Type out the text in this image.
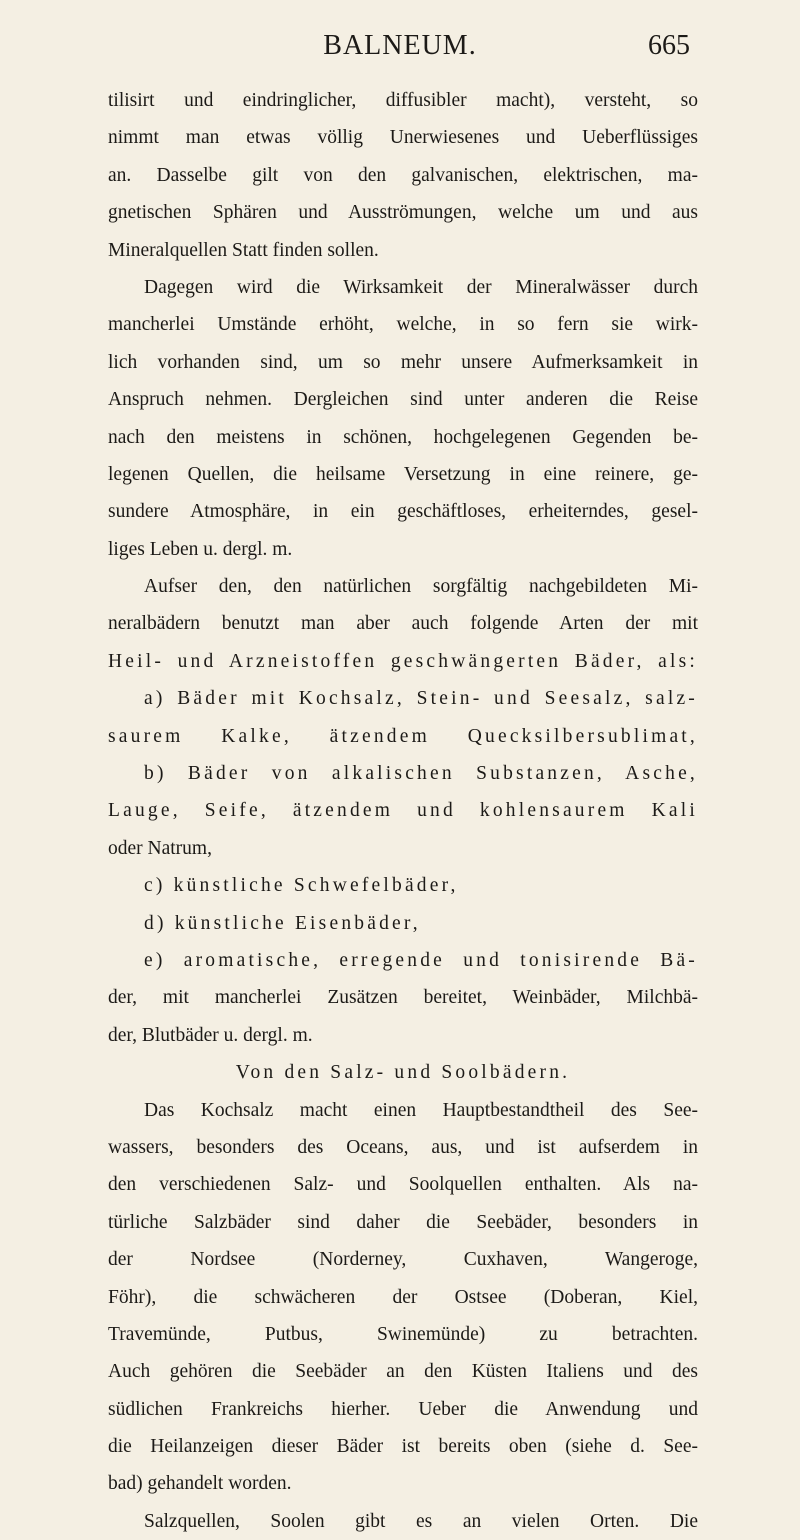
BALNEUM.	665
tilisirt und eindringlicher, diffusibler macht), versteht, so
nimmt man etwas völlig Unerwiesenes und Ueberflüssiges
an. Dasselbe gilt von den galvanischen, elektrischen, ma-
gnetischen Sphären und Ausströmungen, welche um und aus
Mineralquellen Statt finden sollen.
Dagegen wird die Wirksamkeit der Mineralwässer durch
mancherlei Umstände erhöht, welche, in so fern sie wirk-
lich vorhanden sind, um so mehr unsere Aufmerksamkeit in
Anspruch nehmen. Dergleichen sind unter anderen die Reise
nach den meistens in schönen, hochgelegenen Gegenden be-
legenen Quellen, die heilsame Versetzung in eine reinere, ge-
sundere Atmosphäre, in ein geschäftloses, erheiterndes, gesel-
liges Leben u. dergl. m.
Aufser den, den natürlichen sorgfältig nachgebildeten Mi-
neralbädern benutzt man aber auch folgende Arten der mit
Heil- und Arzneistoffen geschwängerten Bäder, als:
a) Bäder mit Kochsalz, Stein- und Seesalz, salz-
saurem Kalke, ätzendem Quecksilbersublimat,
b) Bäder von alkalischen Substanzen, Asche,
Lauge, Seife, ätzendem und kohlensaurem Kali
oder Natrum,
c) künstliche Schwefelbäder,
d) künstliche Eisenbäder,
e) aromatische, erregende und tonisirende Bä-
der, mit mancherlei Zusätzen bereitet, Weinbäder, Milchbä-
der, Blutbäder u. dergl. m.
Von den Salz- und Soolbädern.
Das Kochsalz macht einen Hauptbestandtheil des See-
wassers, besonders des Oceans, aus, und ist aufserdem in
den verschiedenen Salz- und Soolquellen enthalten. Als na-
türliche Salzbäder sind daher die Seebäder, besonders in
der Nordsee (Norderney, Cuxhaven, Wangeroge,
Föhr), die schwächeren der Ostsee (Doberan, Kiel,
Travemünde, Putbus, Swinemünde) zu betrachten.
Auch gehören die Seebäder an den Küsten Italiens und des
südlichen Frankreichs hierher. Ueber die Anwendung und
die Heilanzeigen dieser Bäder ist bereits oben (siehe d. See-
bad) gehandelt worden.
Salzquellen, Soolen gibt es an vielen Orten. Die
